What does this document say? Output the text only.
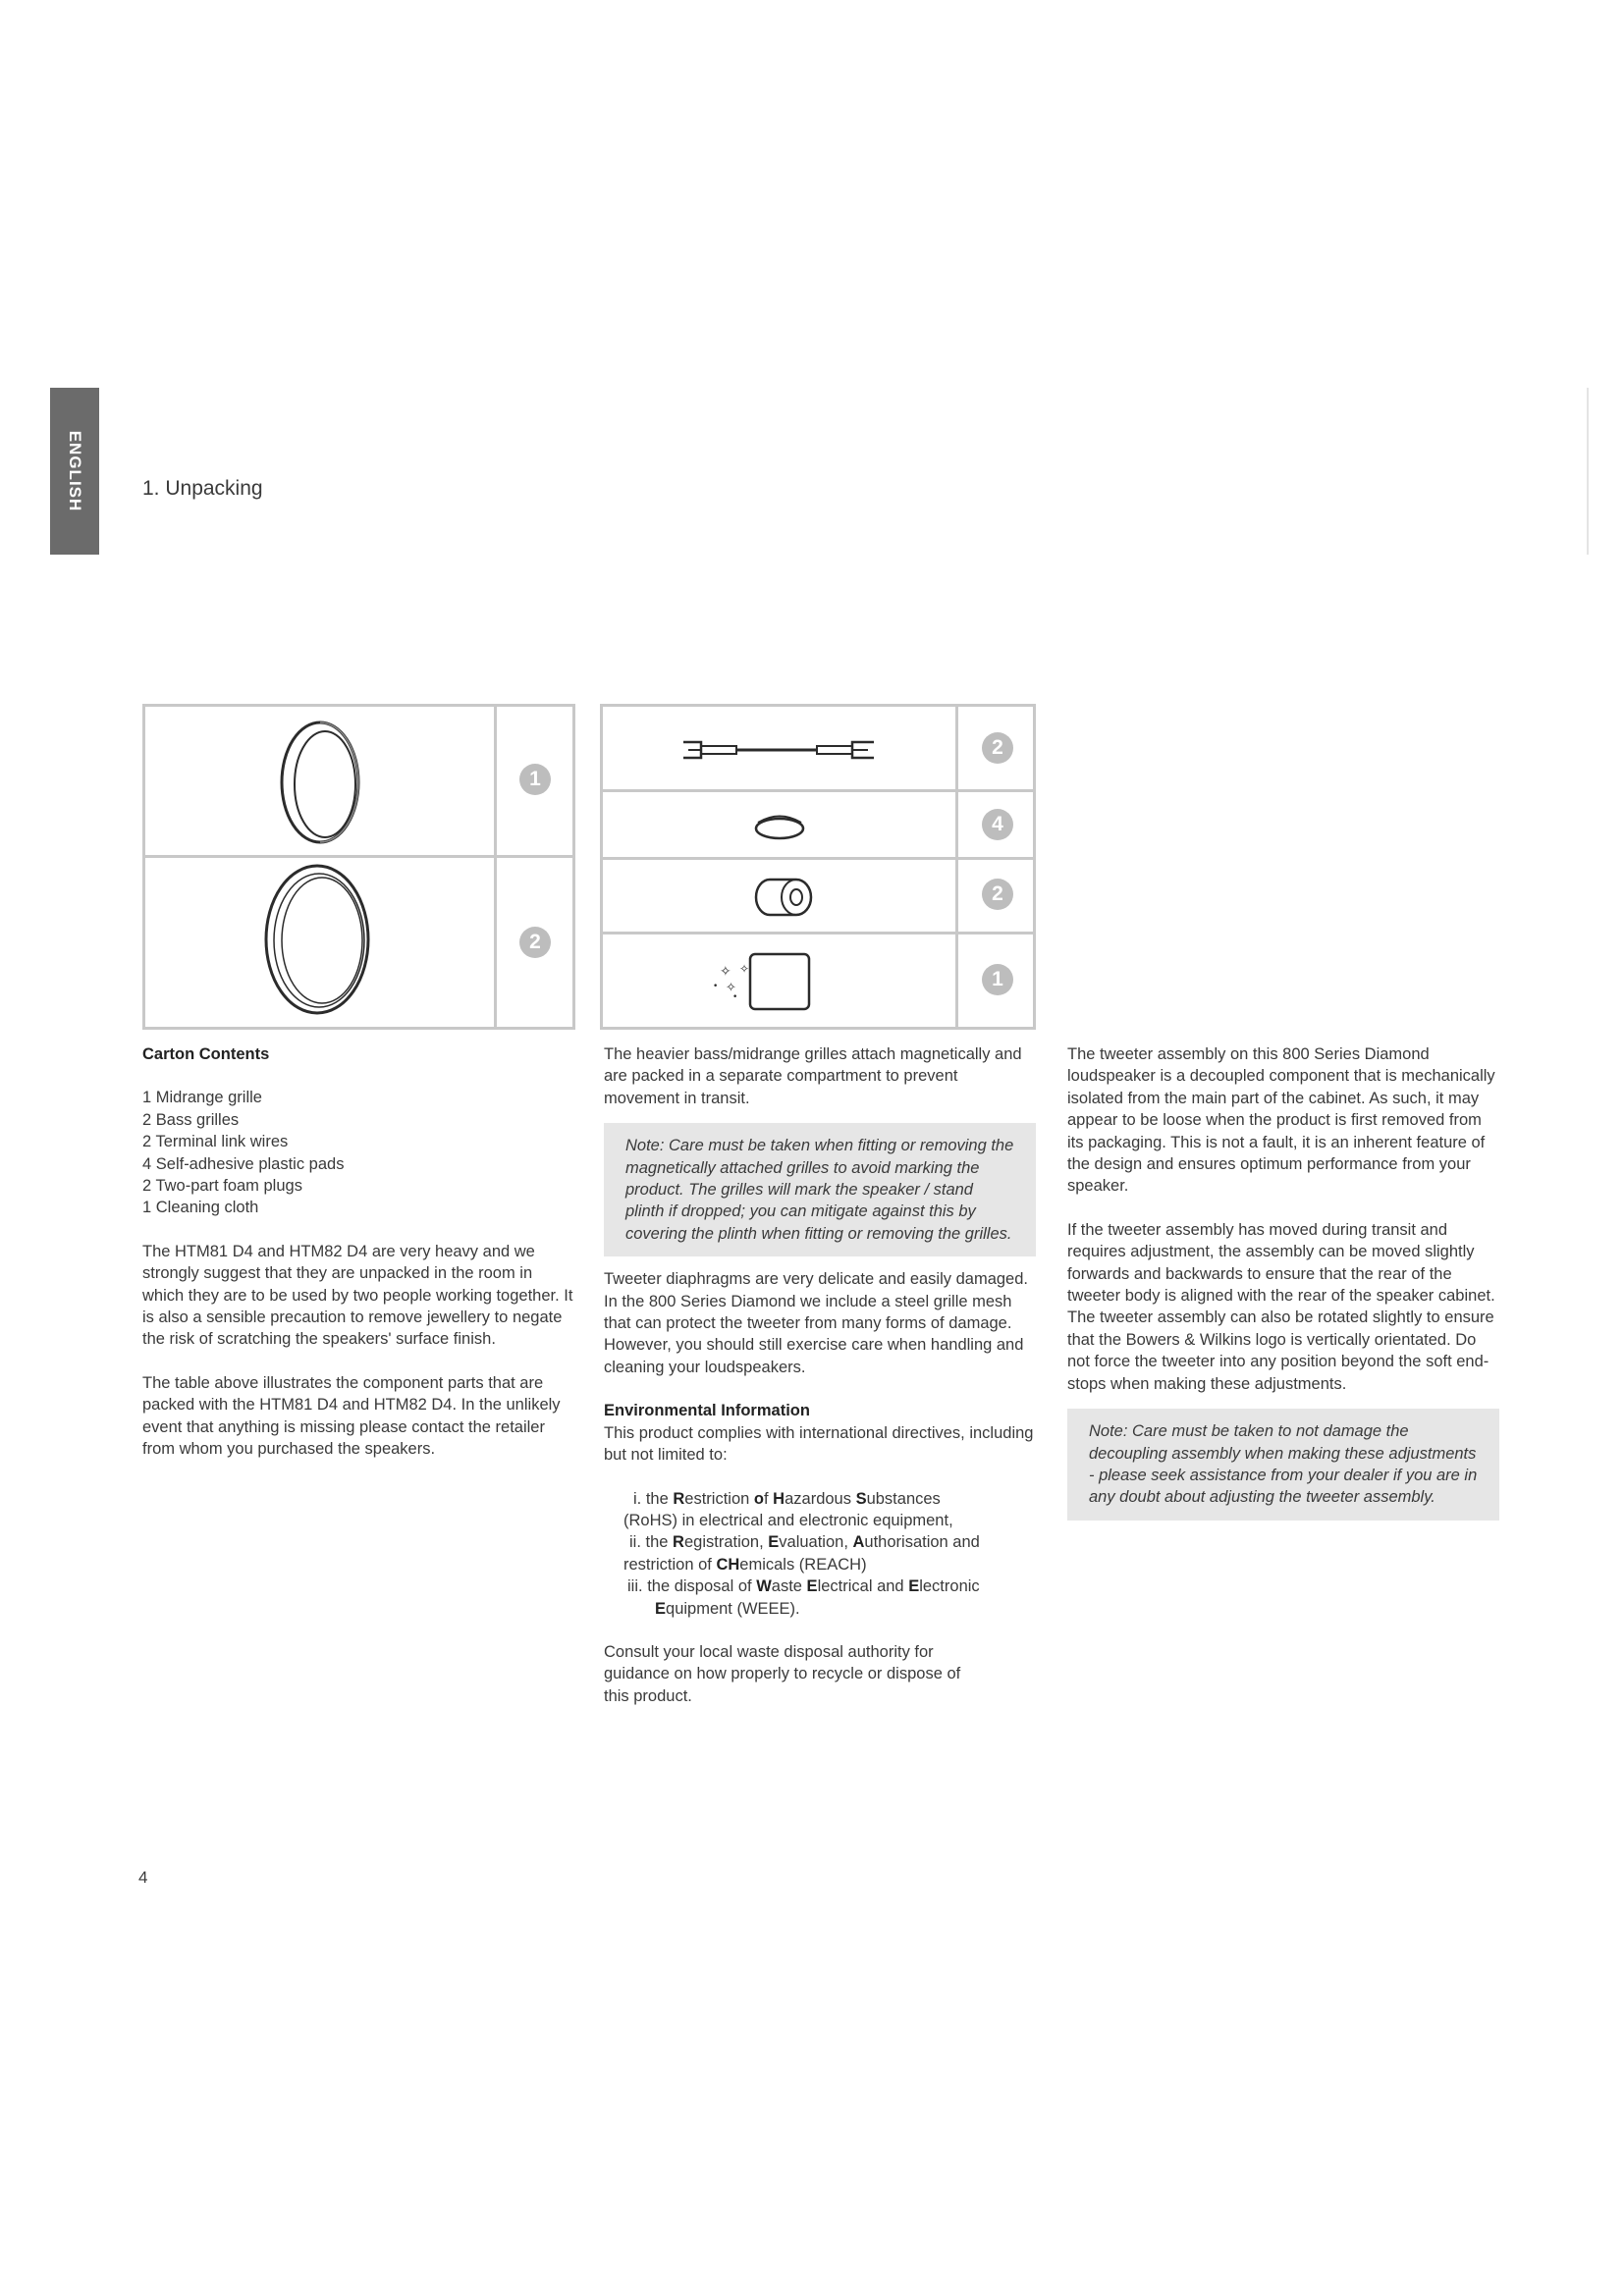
ENGLISH	1. Unpacking
1
2
2
4
2
✧ ✧
✧
•
•
1

Carton Contents

1 Midrange grille

2 Bass grilles

2 Terminal link wires

4 Self-adhesive plastic pads

2 Two-part foam plugs

1 Cleaning cloth

The HTM81 D4 and HTM82 D4 are very heavy and we strongly suggest that they are unpacked in the room in which they are to be used by two people working together. It is also a sensible precaution to remove jewellery to negate the risk of scratching the speakers' surface finish.

The table above illustrates the component parts that are packed with the HTM81 D4 and HTM82 D4. In the unlikely event that anything is missing please contact the retailer from whom you purchased the speakers.

The heavier bass/midrange grilles attach magnetically and are packed in a separate compartment to prevent movement in transit.

Note: Care must be taken when fitting or removing the magnetically attached grilles to avoid marking the product. The grilles will mark the speaker / stand plinth if dropped; you can mitigate against this by covering the plinth when fitting or removing the grilles.

Tweeter diaphragms are very delicate and easily damaged. In the 800 Series Diamond we include a steel grille mesh that can protect the tweeter from many forms of damage. However, you should still exercise care when handling and cleaning your loudspeakers.

Environmental Information

This product complies with international directives, including but not limited to:

i. the Restriction of Hazardous Substances

(RoHS) in electrical and electronic equipment,

ii. the Registration, Evaluation, Authorisation and

restriction of CHemicals (REACH)

iii. the disposal of Waste Electrical and Electronic

Equipment (WEEE).

Consult your local waste disposal authority for guidance on how properly to recycle or dispose of this product.

The tweeter assembly on this 800 Series Diamond loudspeaker is a decoupled component that is mechanically isolated from the main part of the cabinet. As such, it may appear to be loose when the product is first removed from its packaging. This is not a fault, it is an inherent feature of the design and ensures optimum performance from your speaker.

If the tweeter assembly has moved during transit and requires adjustment, the assembly can be moved slightly forwards and backwards to ensure that the rear of the tweeter body is aligned with the rear of the speaker cabinet. The tweeter assembly can also be rotated slightly to ensure that the Bowers & Wilkins logo is vertically orientated. Do not force the tweeter into any position beyond the soft end-stops when making these adjustments.

Note: Care must be taken to not damage the decoupling assembly when making these adjustments - please seek assistance from your dealer if you are in any doubt about adjusting the tweeter assembly.

4
